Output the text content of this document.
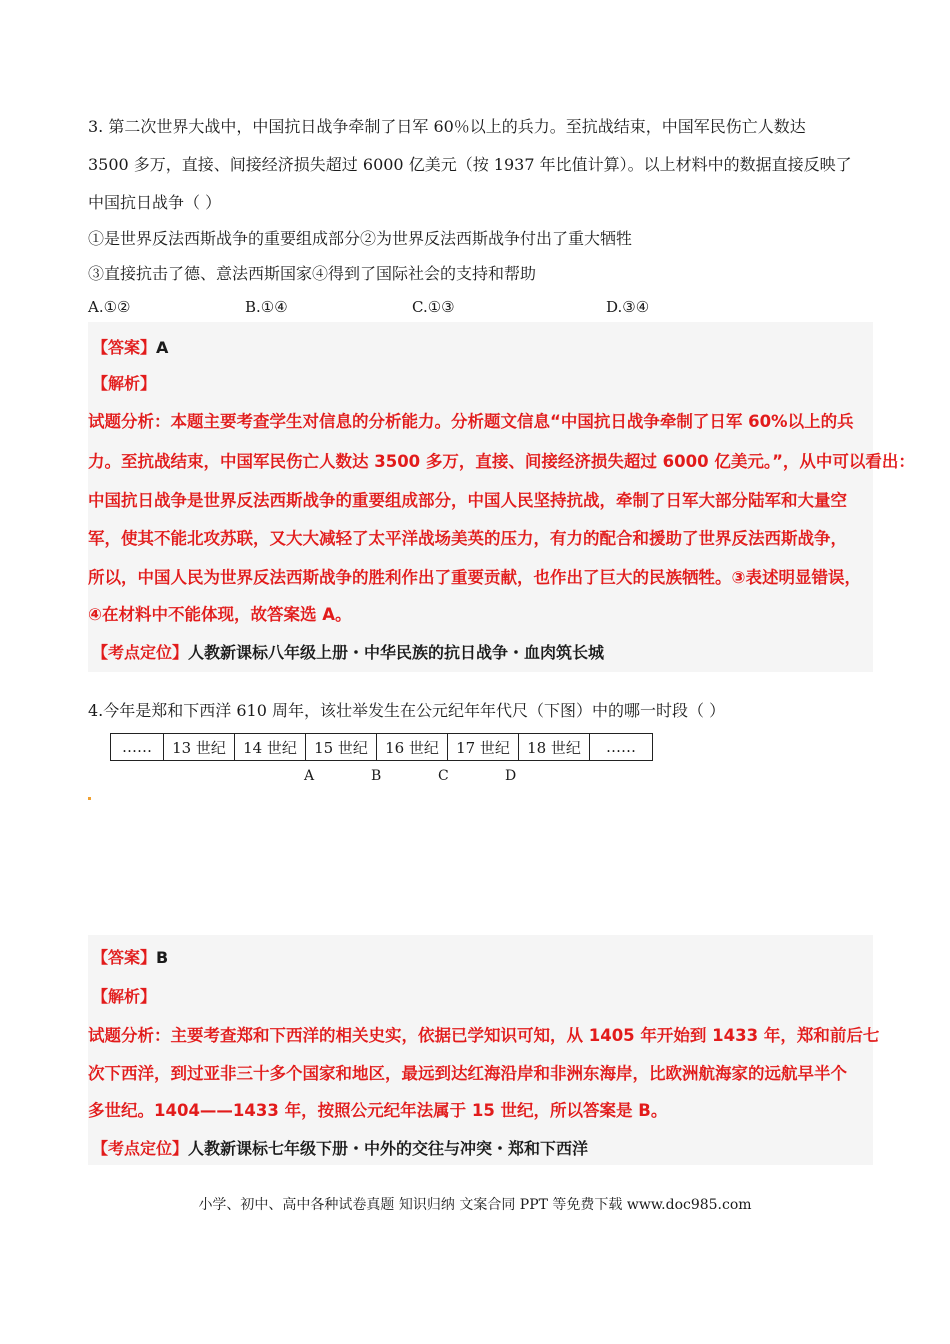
3. 第二次世界大战中，中国抗日战争牵制了日军 60％以上的兵力。至抗战结束，中国军民伤亡人数达
3500 多万，直接、间接经济损失超过 6000 亿美元（按 1937 年比值计算）。以上材料中的数据直接反映了
中国抗日战争（ ）
①是世界反法西斯战争的重要组成部分②为世界反法西斯战争付出了重大牺牲
③直接抗击了德、意法西斯国家④得到了国际社会的支持和帮助
A.①②	B.①④	C.①③	D.③④
【答案】A
【解析】
试题分析：本题主要考查学生对信息的分析能力。分析题文信息“中国抗日战争牵制了日军 60%以上的兵
力。至抗战结束，中国军民伤亡人数达 3500 多万，直接、间接经济损失超过 6000 亿美元。”，从中可以看出：
中国抗日战争是世界反法西斯战争的重要组成部分，中国人民坚持抗战，牵制了日军大部分陆军和大量空
军，使其不能北攻苏联，又大大减轻了太平洋战场美英的压力，有力的配合和援助了世界反法西斯战争，
所以，中国人民为世界反法西斯战争的胜利作出了重要贡献，也作出了巨大的民族牺牲。③表述明显错误，
④在材料中不能体现，故答案选 A。
【考点定位】人教新课标八年级上册・中华民族的抗日战争・血肉筑长城
4.今年是郑和下西洋 610 周年，该壮举发生在公元纪年年代尺（下图）中的哪一时段（ ）
……	13 世纪	14 世纪	15 世纪	16 世纪	17 世纪	18 世纪	……
A	B	C	D
【答案】B
【解析】
试题分析：主要考查郑和下西洋的相关史实，依据已学知识可知，从 1405 年开始到 1433 年，郑和前后七
次下西洋，到过亚非三十多个国家和地区，最远到达红海沿岸和非洲东海岸，比欧洲航海家的远航早半个
多世纪。1404——1433 年，按照公元纪年法属于 15 世纪，所以答案是 B。
【考点定位】人教新课标七年级下册・中外的交往与冲突・郑和下西洋
小学、初中、高中各种试卷真题 知识归纳 文案合同 PPT 等免费下载 www.doc985.com
